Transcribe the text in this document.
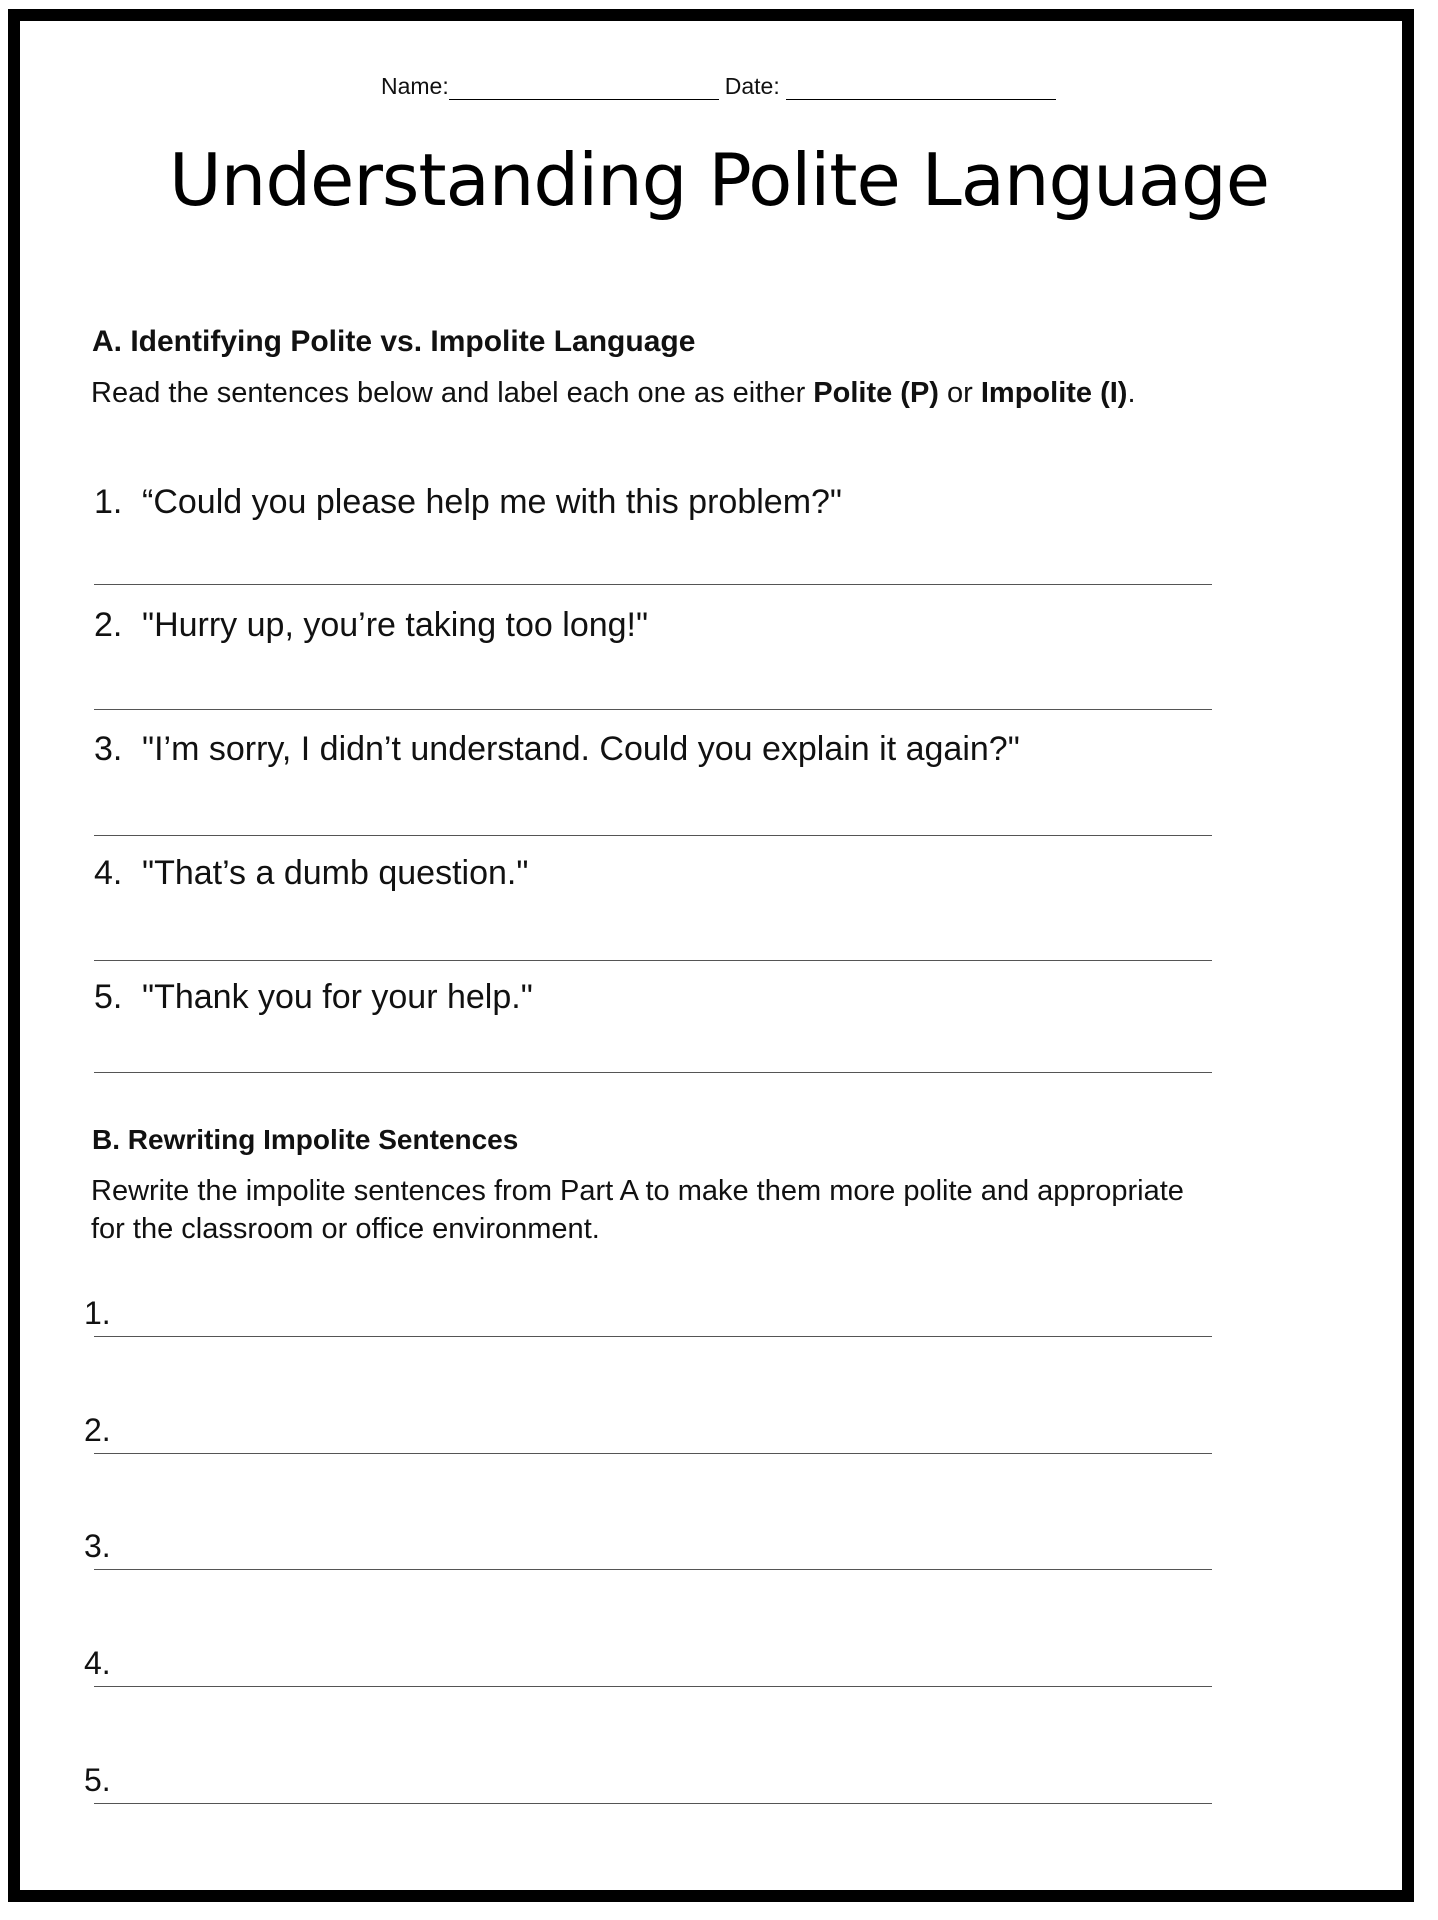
Name:	Date:
Understanding Polite Language
A. Identifying Polite vs. Impolite Language

Read the sentences below and label each one as either Polite (P) or Impolite (I).

1. “Could you please help me with this problem?"
2. "Hurry up, you’re taking too long!"
3. "I’m sorry, I didn’t understand. Could you explain it again?"
4. "That’s a dumb question."
5. "Thank you for your help."
B. Rewriting Impolite Sentences

Rewrite the impolite sentences from Part A to make them more polite and appropriate
for the classroom or office environment.

1.
2.
3.
4.
5.
